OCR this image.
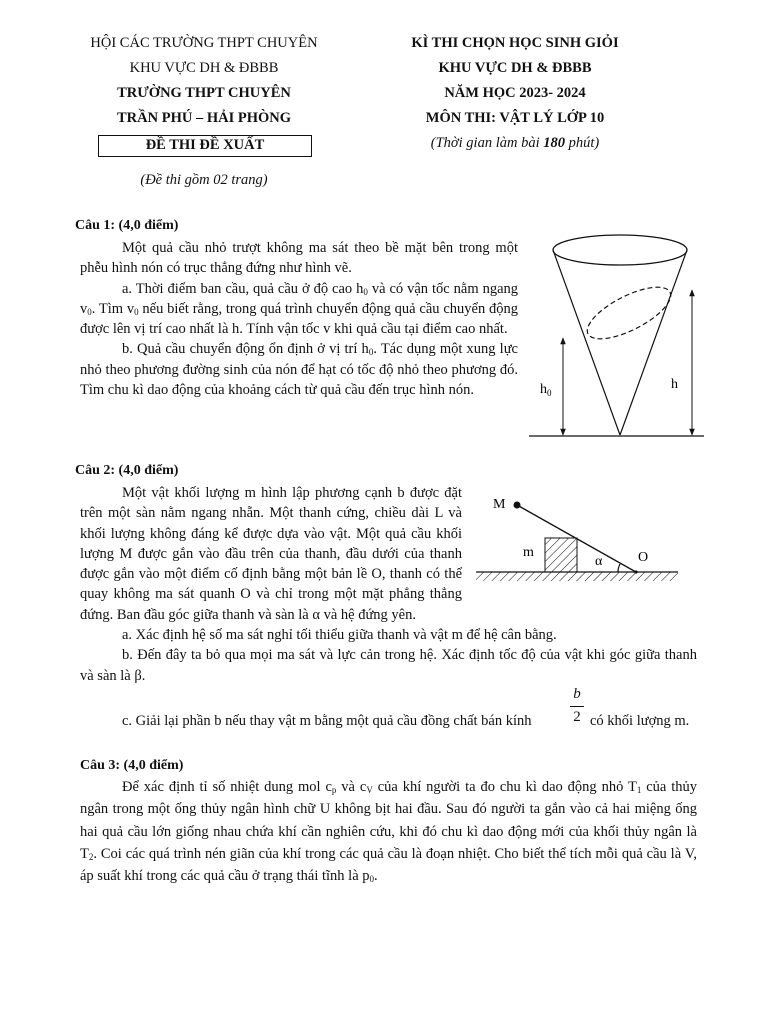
HỘI CÁC TRƯỜNG THPT CHUYÊN
KHU VỰC DH & ĐBBB
TRƯỜNG THPT CHUYÊN
TRẦN PHÚ – HẢI PHÒNG
ĐỀ THI ĐỀ XUẤT
(Đề thi gồm 02 trang)
KÌ THI CHỌN HỌC SINH GIỎI
KHU VỰC DH & ĐBBB
NĂM HỌC 2023- 2024
MÔN THI: VẬT LÝ LỚP 10
(Thời gian làm bài 180 phút)
Câu 1: (4,0 điểm)

Một quả cầu nhỏ trượt không ma sát theo bề mặt bên trong một phễu hình nón có trục thẳng đứng như hình vẽ.

a. Thời điểm ban cầu, quả cầu ở độ cao $h_0$ và có vận tốc nằm ngang $v_0$. Tìm $v_0$ nếu biết rằng, trong quá trình chuyển động quả cầu chuyển động được lên vị trí cao nhất là h. Tính vận tốc v khi quả cầu tại điểm cao nhất.

b. Quả cầu chuyển động ổn định ở vị trí $h_0$. Tác dụng một xung lực nhỏ theo phương đường sinh của nón để hạt có tốc độ nhỏ theo phương đó. Tìm chu kì dao động của khoảng cách từ quả cầu đến trục hình nón.	$h_0$
h
Câu 2: (4,0 điểm)

Một vật khối lượng m hình lập phương cạnh b được đặt trên một sàn nằm ngang nhẵn. Một thanh cứng, chiều dài L và khối lượng không đáng kể được dựa vào vật. Một quả cầu khối lượng M được gắn vào đầu trên của thanh, đầu dưới của thanh được gắn vào một điểm cố định bằng một bản lề O, thanh có thể quay không ma sát quanh O và chỉ trong một mặt phẳng thẳng đứng. Ban đầu góc giữa thanh và sàn là α và hệ đứng yên.

a. Xác định hệ số ma sát nghỉ tối thiểu giữa thanh và vật m để hệ cân bằng.

b. Đến đây ta bỏ qua mọi ma sát và lực cản trong hệ. Xác định tốc độ của vật khi góc giữa thanh và sàn là β.

c. Giải lại phần b nếu thay vật m bằng một quả cầu đồng chất bán kính
b
2 có khối lượng m.
M
m
α	O
Câu 3: (4,0 điểm)

Để xác định tỉ số nhiệt dung mol $c_p$ và $c_V$ của khí người ta đo chu kì dao động nhỏ $T_1$ của thủy ngân trong một ống thủy ngân hình chữ U không bịt hai đầu. Sau đó người ta gắn vào cả hai miệng ống hai quả cầu lớn giống nhau chứa khí cần nghiên cứu, khi đó chu kì dao động mới của khối thủy ngân là $T_2$. Coi các quá trình nén giãn của khí trong các quả cầu là đoạn nhiệt. Cho biết thể tích mỗi quả cầu là V, áp suất khí trong các quả cầu ở trạng thái tĩnh là $p_0$.
